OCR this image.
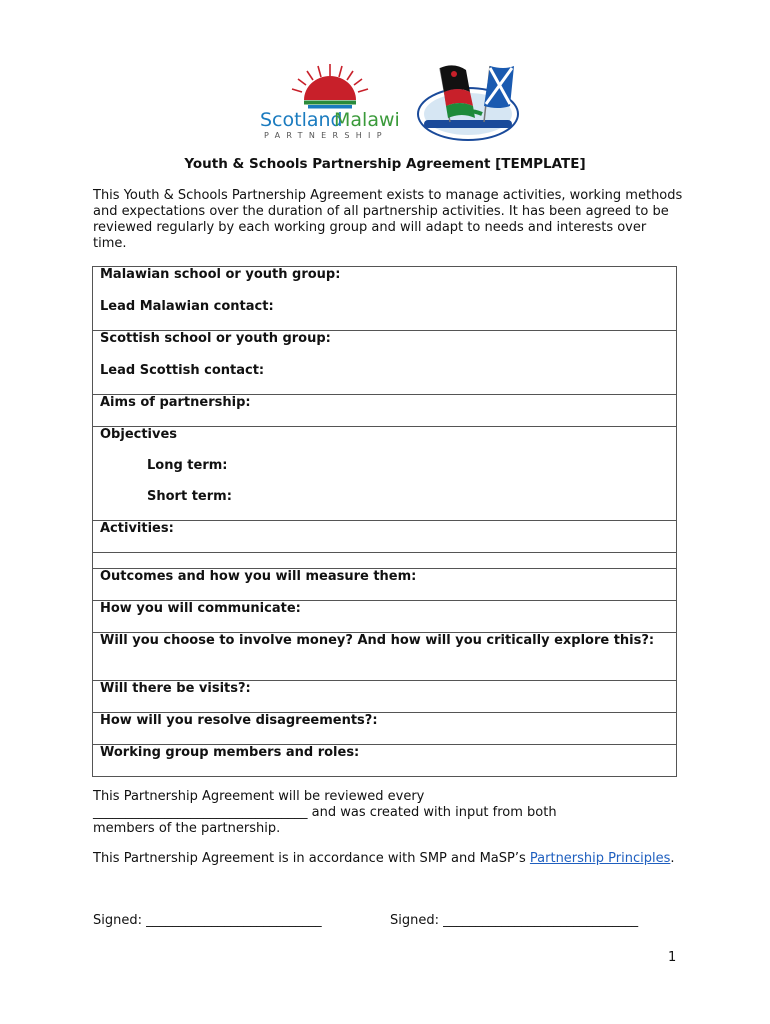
Scotland
Malawi
PARTNERSHIP
Youth & Schools Partnership Agreement [TEMPLATE]
This Youth & Schools Partnership Agreement exists to manage activities, working methods and expectations over the duration of all partnership activities. It has been agreed to be reviewed regularly by each working group and will adapt to needs and interests over time.
Malawian school or youth group:
Lead Malawian contact:

Scottish school or youth group:
Lead Scottish contact:

Aims of partnership:

Objectives
Long term:
Short term:

Activities:

Outcomes and how you will measure them:

How you will communicate:

Will you choose to involve money? And how will you critically explore this?:

Will there be visits?:

How will you resolve disagreements?:

Working group members and roles:
This Partnership Agreement will be reviewed every
_________________________________ and was created with input from both
members of the partnership.
This Partnership Agreement is in accordance with SMP and MaSP’s Partnership Principles.
Signed: ___________________________	Signed: ______________________________
1
